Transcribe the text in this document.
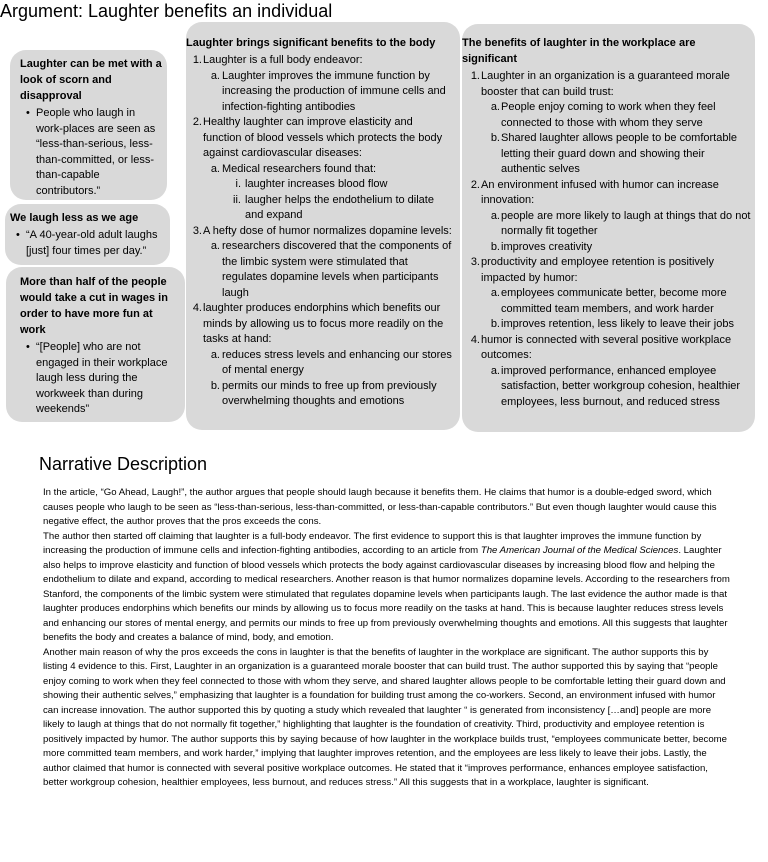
Argument: Laughter benefits an individual
Laughter can be met with a look of scorn and disapproval
• People who laugh in work-places are seen as “less-than-serious, less-than-committed, or less-than-capable contributors.”
We laugh less as we age
• “A 40-year-old adult laughs [just] four times per day.”
More than half of the people would take a cut in wages in order to have more fun at work
• “[People] who are not engaged in their workplace laugh less during the workweek than during weekends”
Laughter brings significant benefits to the body
1. Laughter is a full body endeavor:
a. Laughter improves the immune function by increasing the production of immune cells and infection-fighting antibodies
2. Healthy laughter can improve elasticity and function of blood vessels which protects the body against cardiovascular diseases:
a. Medical researchers found that:
i. laughter increases blood flow
ii. laugher helps the endothelium to dilate and expand
3. A hefty dose of humor normalizes dopamine levels:
a. researchers discovered that the components of the limbic system were stimulated that regulates dopamine levels when participants laugh
4. laughter produces endorphins which benefits our minds by allowing us to focus more readily on the tasks at hand:
a. reduces stress levels and enhancing our stores of mental energy
b. permits our minds to free up from previously overwhelming thoughts and emotions
The benefits of laughter in the workplace are significant
1. Laughter in an organization is a guaranteed morale booster that can build trust:
a. People enjoy coming to work when they feel connected to those with whom they serve
b. Shared laughter allows people to be comfortable letting their guard down and showing their authentic selves
2. An environment infused with humor can increase innovation:
a. people are more likely to laugh at things that do not normally fit together
b. improves creativity
3. productivity and employee retention is positively impacted by humor:
a. employees communicate better, become more committed team members, and work harder
b. improves retention, less likely to leave their jobs
4. humor is connected with several positive workplace outcomes:
a. improved performance, enhanced employee satisfaction, better workgroup cohesion, healthier employees, less burnout, and reduced stress
Narrative Description

In the article, “Go Ahead, Laugh!”, the author argues that people should laugh because it benefits them. He claims that humor is a double-edged sword, which causes people who laugh to be seen as “less-than-serious, less-than-committed, or less-than-capable contributors.” But even though laughter would cause this negative effect, the author proves that the pros exceeds the cons.

The author then started off claiming that laughter is a full-body endeavor. The first evidence to support this is that laughter improves the immune function by increasing the production of immune cells and infection-fighting antibodies, according to an article from The American Journal of the Medical Sciences. Laughter also helps to improve elasticity and function of blood vessels which protects the body against cardiovascular diseases by increasing blood flow and helping the endothelium to dilate and expand, according to medical researchers. Another reason is that humor normalizes dopamine levels. According to the researchers from Stanford, the components of the limbic system were stimulated that regulates dopamine levels when participants laugh. The last evidence the author made is that laughter produces endorphins which benefits our minds by allowing us to focus more readily on the tasks at hand. This is because laughter reduces stress levels and enhancing our stores of mental energy, and permits our minds to free up from previously overwhelming thoughts and emotions. All this suggests that laughter benefits the body and creates a balance of mind, body, and emotion.

Another main reason of why the pros exceeds the cons in laughter is that the benefits of laughter in the workplace are significant. The author supports this by listing 4 evidence to this. First, Laughter in an organization is a guaranteed morale booster that can build trust. The author supported this by saying that “people enjoy coming to work when they feel connected to those with whom they serve, and shared laughter allows people to be comfortable letting their guard down and showing their authentic selves,” emphasizing that laughter is a foundation for building trust among the co-workers. Second, an environment infused with humor can increase innovation. The author supported this by quoting a study which revealed that laughter “ is generated from inconsistency […and] people are more likely to laugh at things that do not normally fit together,” highlighting that laughter is the foundation of creativity. Third, productivity and employee retention is positively impacted by humor. The author supports this by saying because of how laughter in the workplace builds trust, “employees communicate better, become more committed team members, and work harder,” implying that laughter improves retention, and the employees are less likely to leave their jobs. Lastly, the author claimed that humor is connected with several positive workplace outcomes. He stated that it “improves performance, enhances employee satisfaction, better workgroup cohesion, healthier employees, less burnout, and reduces stress.” All this suggests that in a workplace, laughter is significant.
